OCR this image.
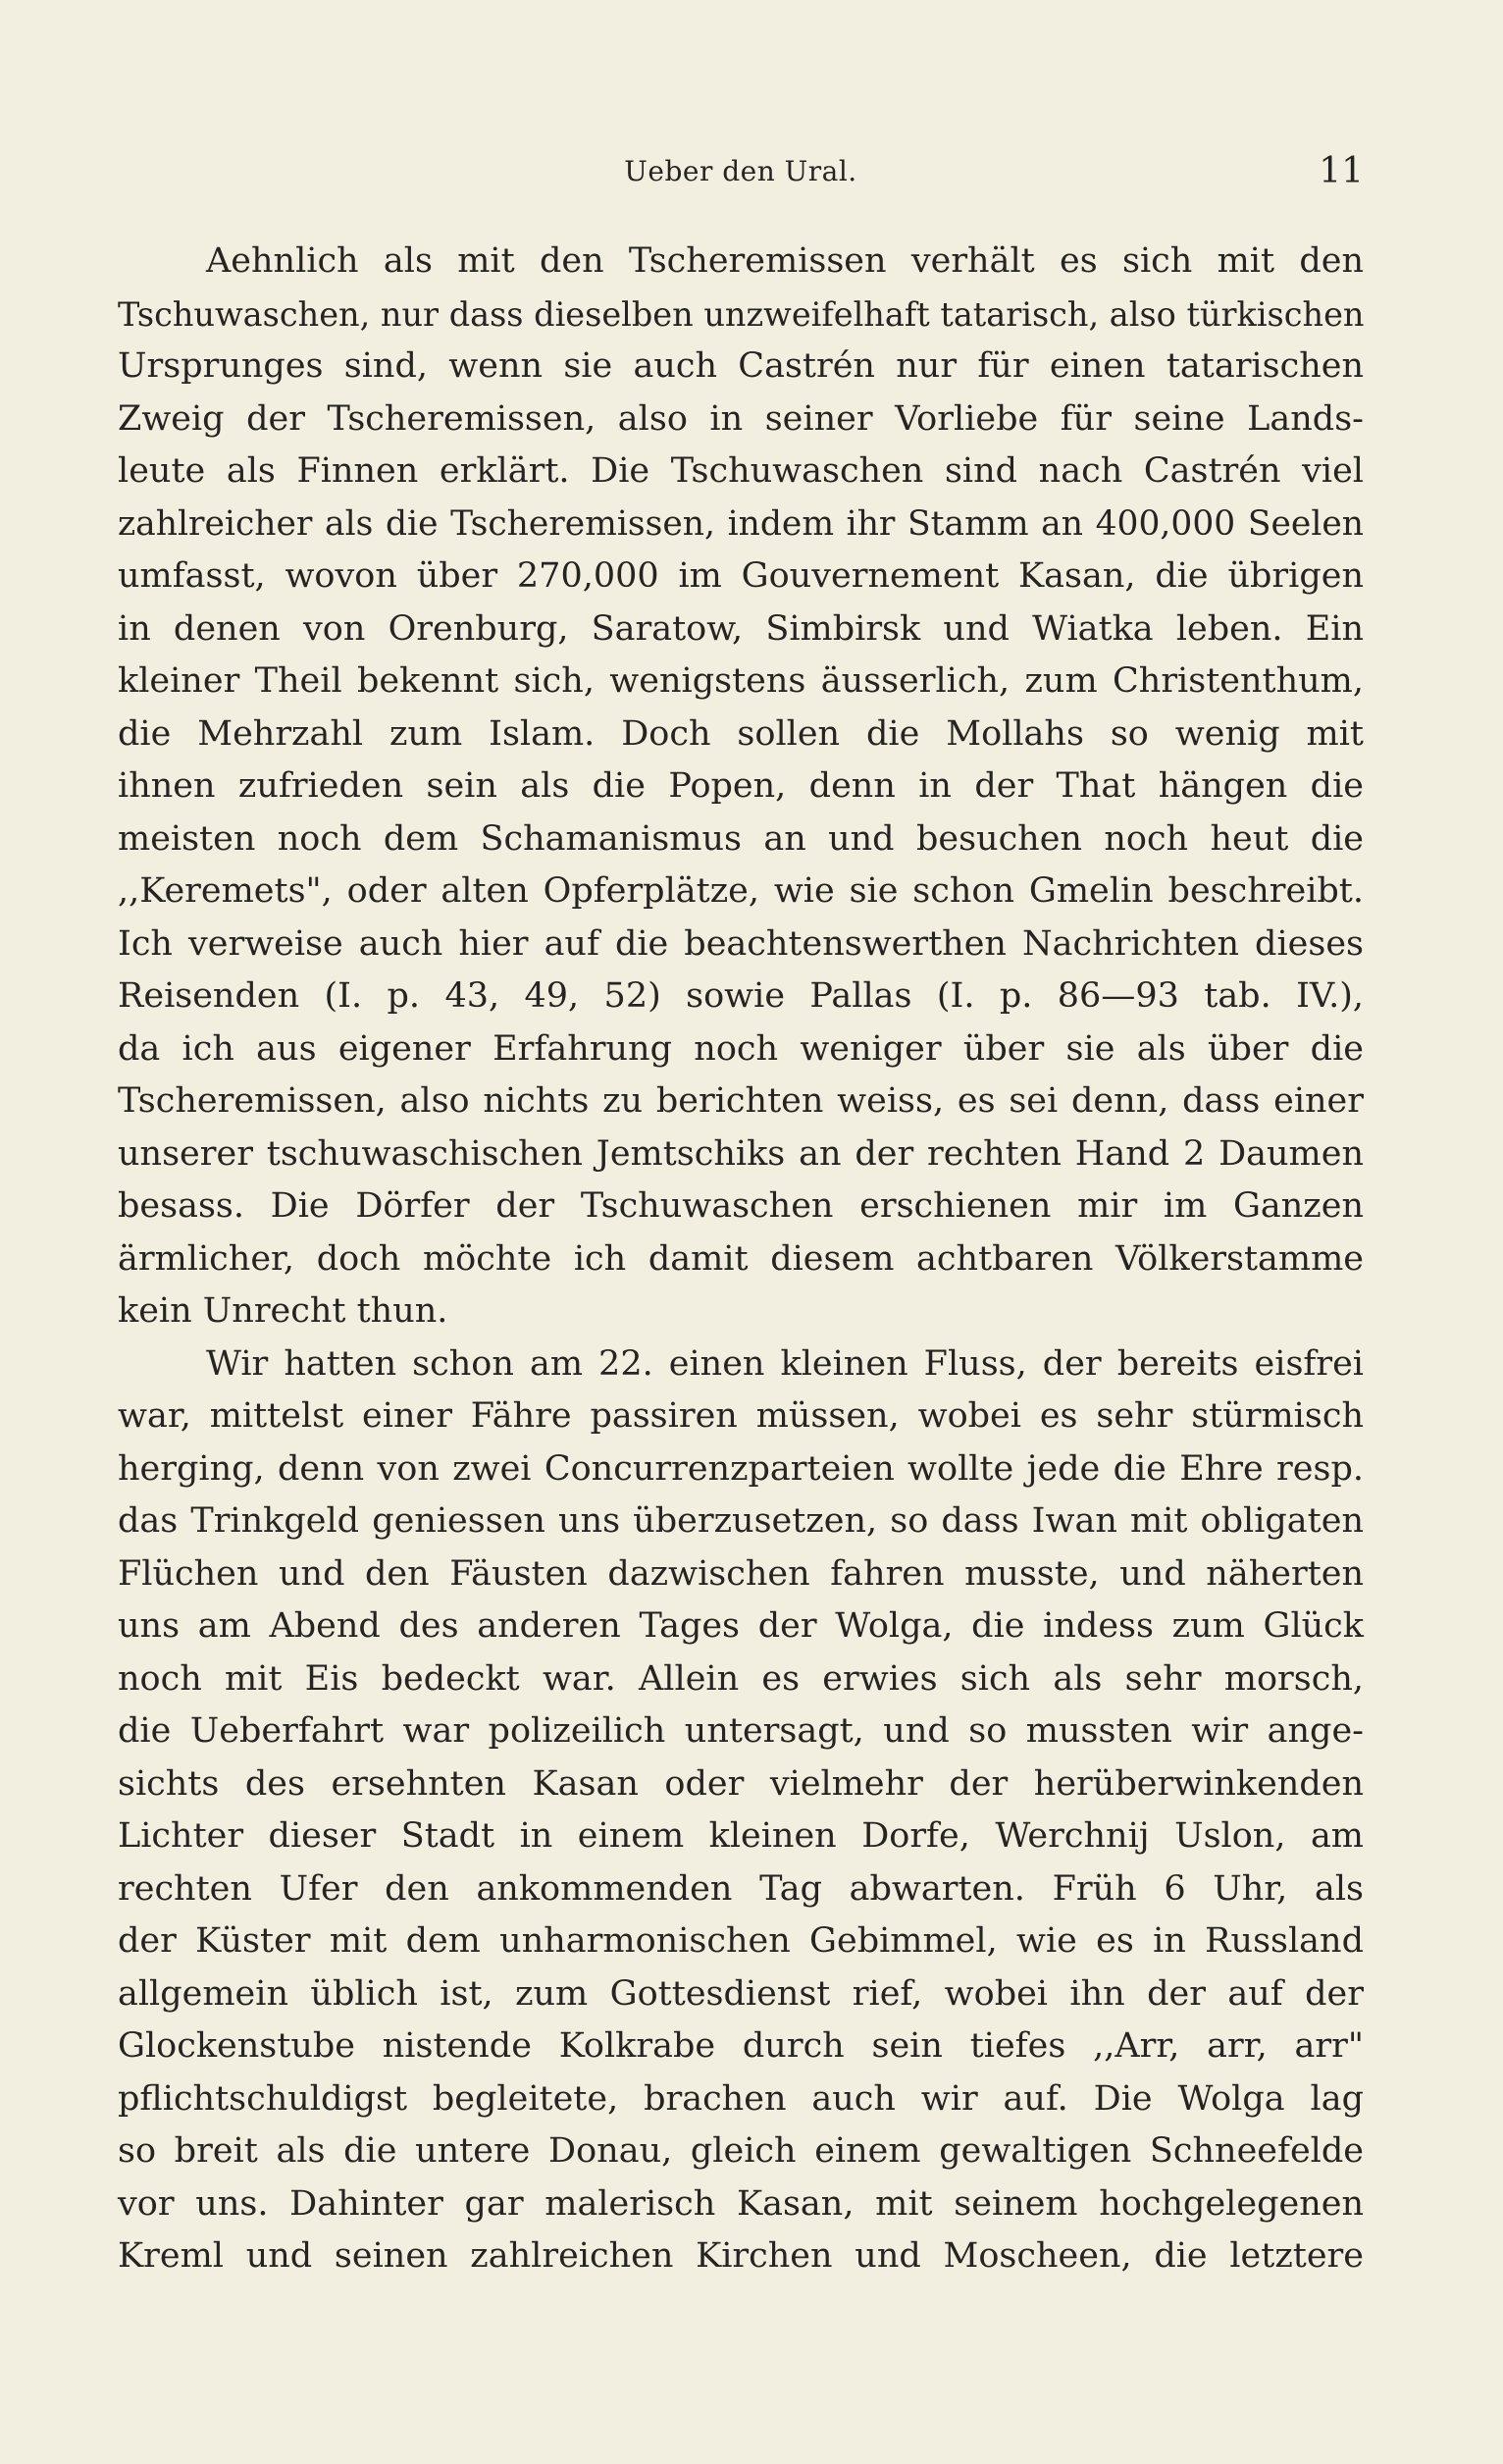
Ueber den Ural.	11
Aehnlich als mit den Tscheremissen verhält es sich mit den
Tschuwaschen, nur dass dieselben unzweifelhaft tatarisch, also türkischen
Ursprunges sind, wenn sie auch Castrén nur für einen tatarischen
Zweig der Tscheremissen, also in seiner Vorliebe für seine Lands-
leute als Finnen erklärt. Die Tschuwaschen sind nach Castrén viel
zahlreicher als die Tscheremissen, indem ihr Stamm an 400,000 Seelen
umfasst, wovon über 270,000 im Gouvernement Kasan, die übrigen
in denen von Orenburg, Saratow, Simbirsk und Wiatka leben. Ein
kleiner Theil bekennt sich, wenigstens äusserlich, zum Christenthum,
die Mehrzahl zum Islam. Doch sollen die Mollahs so wenig mit
ihnen zufrieden sein als die Popen, denn in der That hängen die
meisten noch dem Schamanismus an und besuchen noch heut die
,,Keremets", oder alten Opferplätze, wie sie schon Gmelin beschreibt.
Ich verweise auch hier auf die beachtenswerthen Nachrichten dieses
Reisenden (I. p. 43, 49, 52) sowie Pallas (I. p. 86—93 tab. IV.),
da ich aus eigener Erfahrung noch weniger über sie als über die
Tscheremissen, also nichts zu berichten weiss, es sei denn, dass einer
unserer tschuwaschischen Jemtschiks an der rechten Hand 2 Daumen
besass. Die Dörfer der Tschuwaschen erschienen mir im Ganzen
ärmlicher, doch möchte ich damit diesem achtbaren Völkerstamme
kein Unrecht thun.
Wir hatten schon am 22. einen kleinen Fluss, der bereits eisfrei
war, mittelst einer Fähre passiren müssen, wobei es sehr stürmisch
herging, denn von zwei Concurrenzparteien wollte jede die Ehre resp.
das Trinkgeld geniessen uns überzusetzen, so dass Iwan mit obligaten
Flüchen und den Fäusten dazwischen fahren musste, und näherten
uns am Abend des anderen Tages der Wolga, die indess zum Glück
noch mit Eis bedeckt war. Allein es erwies sich als sehr morsch,
die Ueberfahrt war polizeilich untersagt, und so mussten wir ange-
sichts des ersehnten Kasan oder vielmehr der herüberwinkenden
Lichter dieser Stadt in einem kleinen Dorfe, Werchnij Uslon, am
rechten Ufer den ankommenden Tag abwarten. Früh 6 Uhr, als
der Küster mit dem unharmonischen Gebimmel, wie es in Russland
allgemein üblich ist, zum Gottesdienst rief, wobei ihn der auf der
Glockenstube nistende Kolkrabe durch sein tiefes ,,Arr, arr, arr"
pflichtschuldigst begleitete, brachen auch wir auf. Die Wolga lag
so breit als die untere Donau, gleich einem gewaltigen Schneefelde
vor uns. Dahinter gar malerisch Kasan, mit seinem hochgelegenen
Kreml und seinen zahlreichen Kirchen und Moscheen, die letztere
